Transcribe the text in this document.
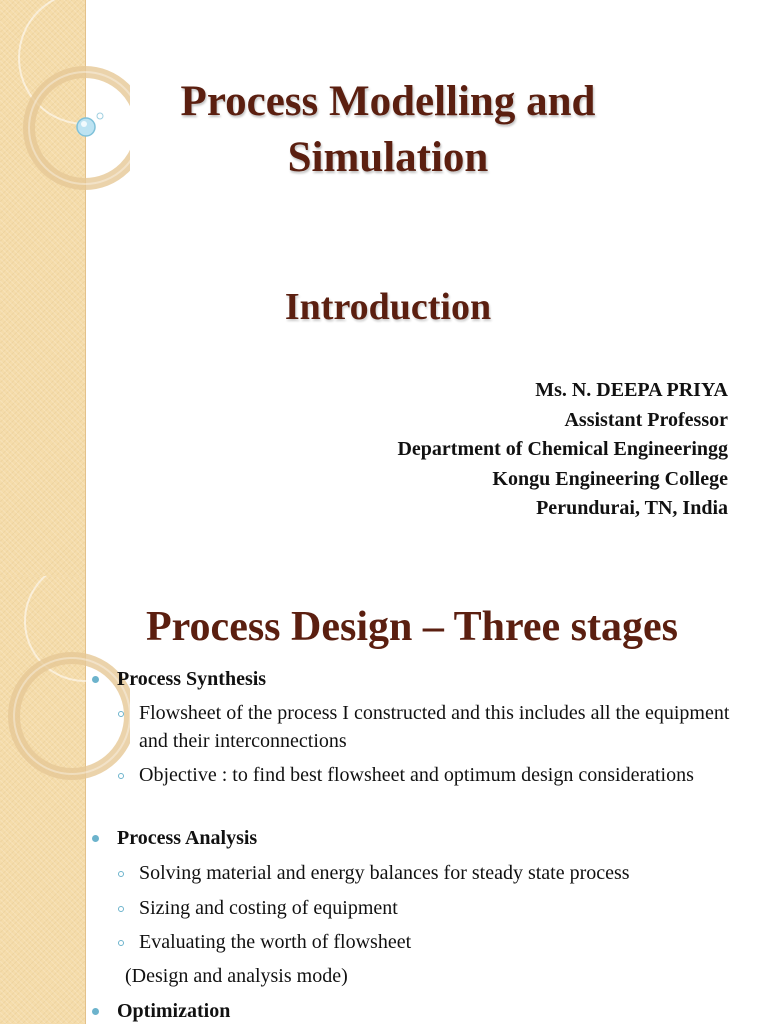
Process Modelling and
Simulation
Introduction
Ms. N. DEEPA PRIYA
Assistant Professor
Department of Chemical Engineeringg
Kongu Engineering College
Perundurai, TN, India
Process Design – Three stages
Process Synthesis
Flowsheet of the process I constructed and this includes all the equipment and their interconnections
Objective : to find best flowsheet and optimum design considerations
Process Analysis
Solving material and energy balances for steady state process
Sizing and costing of equipment
Evaluating the worth of flowsheet
(Design and analysis mode)
Optimization
